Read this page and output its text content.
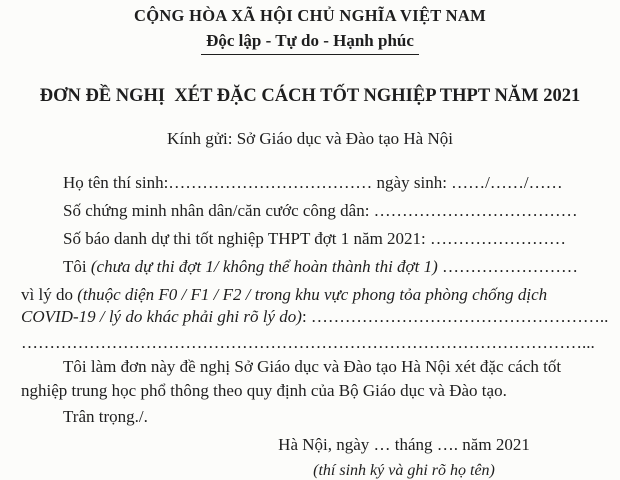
CỘNG HÒA XÃ HỘI CHỦ NGHĨA VIỆT NAM
Độc lập - Tự do - Hạnh phúc
ĐƠN ĐỀ NGHỊ  XÉT ĐẶC CÁCH TỐT NGHIỆP THPT NĂM 2021
Kính gửi: Sở Giáo dục và Đào tạo Hà Nội
Họ tên thí sinh:……………………………… ngày sinh: ……/……/……
Số chứng minh nhân dân/căn cước công dân: ………………………………
Số báo danh dự thi tốt nghiệp THPT đợt 1 năm 2021: ……………………
Tôi (chưa dự thi đợt 1/ không thể hoàn thành thi đợt 1) ……………………
vì lý do (thuộc diện F0 / F1 / F2 / trong khu vực phong tỏa phòng chống dịch
COVID-19 / lý do khác phải ghi rõ lý do): ……………………………………………..
………………………………………………………………………………………...
Tôi làm đơn này đề nghị Sở Giáo dục và Đào tạo Hà Nội xét đặc cách tốt
nghiệp trung học phổ thông theo quy định của Bộ Giáo dục và Đào tạo.
Trân trọng./.
Hà Nội, ngày … tháng …. năm 2021
(thí sinh ký và ghi rõ họ tên)
